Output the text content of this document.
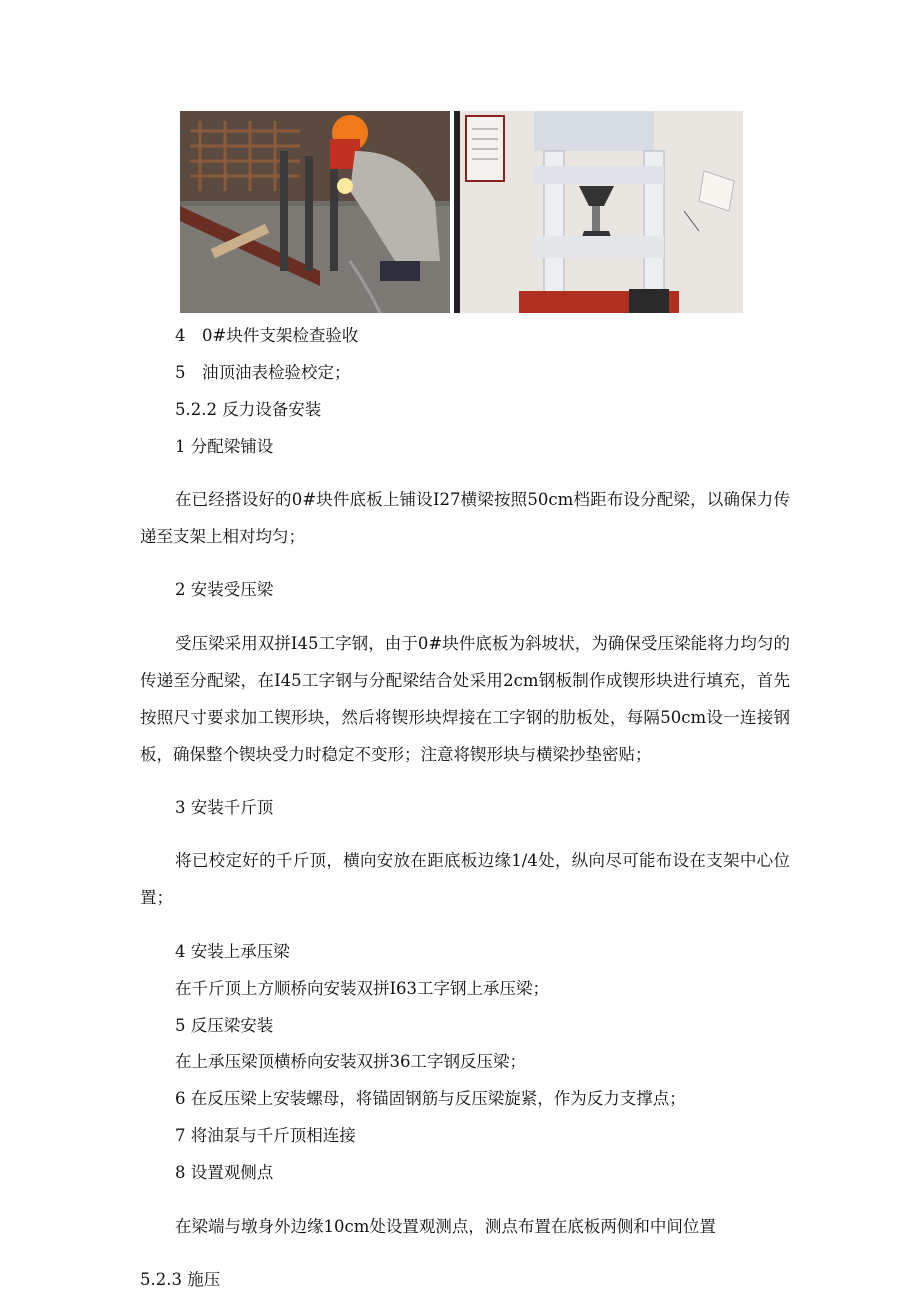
4　0#块件支架检查验收

5　油顶油表检验校定；

5.2.2 反力设备安装

1 分配梁铺设

在已经搭设好的0#块件底板上铺设I27横梁按照50cm档距布设分配梁，以确保力传递至支架上相对均匀；

2 安装受压梁

受压梁采用双拼I45工字钢，由于0#块件底板为斜坡状，为确保受压梁能将力均匀的传递至分配梁，在I45工字钢与分配梁结合处采用2cm钢板制作成锲形块进行填充，首先按照尺寸要求加工锲形块，然后将锲形块焊接在工字钢的肋板处，每隔50cm设一连接钢板，确保整个锲块受力时稳定不变形；注意将锲形块与横梁抄垫密贴；

3 安装千斤顶

将已校定好的千斤顶，横向安放在距底板边缘1/4处，纵向尽可能布设在支架中心位置；

4 安装上承压梁

在千斤顶上方顺桥向安装双拼I63工字钢上承压梁；

5 反压梁安装

在上承压梁顶横桥向安装双拼36工字钢反压梁；

6 在反压梁上安装螺母，将锚固钢筋与反压梁旋紧，作为反力支撑点；

7 将油泵与千斤顶相连接

8 设置观侧点

在梁端与墩身外边缘10cm处设置观测点，测点布置在底板两侧和中间位置

5.2.3 施压
